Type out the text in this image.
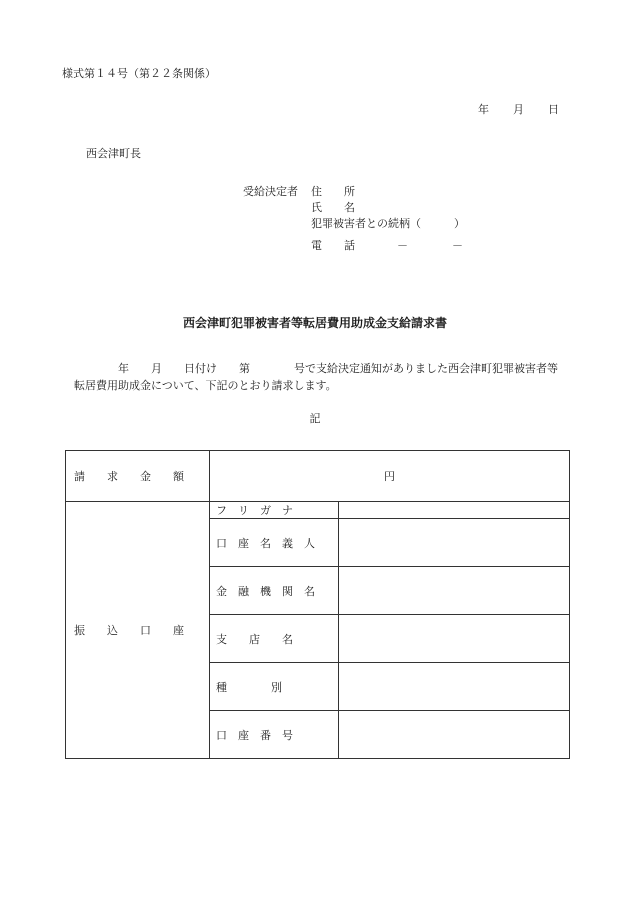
様式第１４号（第２２条関係）
年 月 日
西会津町長
受給決定者 住　　所
氏　　名
犯罪被害者との続柄（　　　）
電　　話	－　　　　－
西会津町犯罪被害者等転居費用助成金支給請求書
　　　　年　　月　　日付け　　第　　　　号で支給決定通知がありました西会津町犯罪被害者等
転居費用助成金について、下記のとおり請求します。
記
請　　求　　金　　額	円	
振　　込　　口　　座	フ　リ　ガ　ナ	

	口　座　名　義　人	

	金　融　機　関　名	

	支　　店　　名	

	種　　　　別	

	口　座　番　号	
